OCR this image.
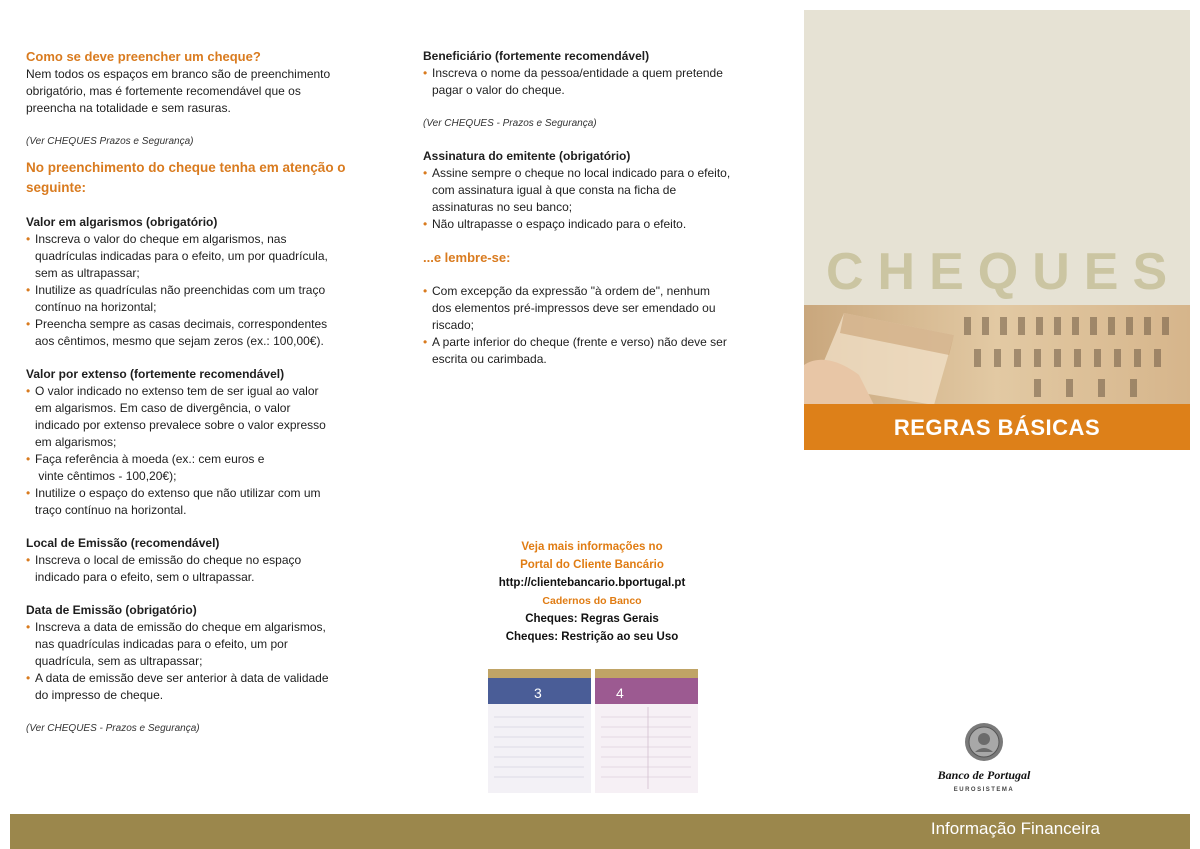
Como se deve preencher um cheque?
Nem todos os espaços em branco são de preenchimento
obrigatório, mas é fortemente recomendável que os
preencha na totalidade e sem rasuras.
(Ver CHEQUES Prazos e Segurança)
No preenchimento do cheque tenha em atenção o
seguinte:
Valor em algarismos (obrigatório)
• Inscreva o valor do cheque em algarismos, nas
quadrículas indicadas para o efeito, um por quadrícula,
sem as ultrapassar;
• Inutilize as quadrículas não preenchidas com um traço
contínuo na horizontal;
• Preencha sempre as casas decimais, correspondentes
aos cêntimos, mesmo que sejam zeros (ex.: 100,00€).
Valor por extenso (fortemente recomendável)
• O valor indicado no extenso tem de ser igual ao valor
em algarismos. Em caso de divergência, o valor
indicado por extenso prevalece sobre o valor expresso
em algarismos;
• Faça referência à moeda (ex.: cem euros e
vinte cêntimos - 100,20€);
• Inutilize o espaço do extenso que não utilizar com um
traço contínuo na horizontal.
Local de Emissão (recomendável)
• Inscreva o local de emissão do cheque no espaço
indicado para o efeito, sem o ultrapassar.
Data de Emissão (obrigatório)
• Inscreva a data de emissão do cheque em algarismos,
nas quadrículas indicadas para o efeito, um por
quadrícula, sem as ultrapassar;
• A data de emissão deve ser anterior à data de validade
do impresso de cheque.
(Ver CHEQUES - Prazos e Segurança)
Beneficiário (fortemente recomendável)
• Inscreva o nome da pessoa/entidade a quem pretende
pagar o valor do cheque.
(Ver CHEQUES - Prazos e Segurança)
Assinatura do emitente (obrigatório)
• Assine sempre o cheque no local indicado para o efeito,
com assinatura igual à que consta na ficha de
assinaturas no seu banco;
• Não ultrapasse o espaço indicado para o efeito.
...e lembre-se:
• Com excepção da expressão "à ordem de", nenhum
dos elementos pré-impressos deve ser emendado ou
riscado;
• A parte inferior do cheque (frente e verso) não deve ser
escrita ou carimbada.
Veja mais informações no
Portal do Cliente Bancário
http://clientebancario.bportugal.pt
Cadernos do Banco
Cheques: Regras Gerais
Cheques: Restrição ao seu Uso
3	4
CHEQUES
REGRAS BÁSICAS
Banco de Portugal
EUROSISTEMA
Informação Financeira
